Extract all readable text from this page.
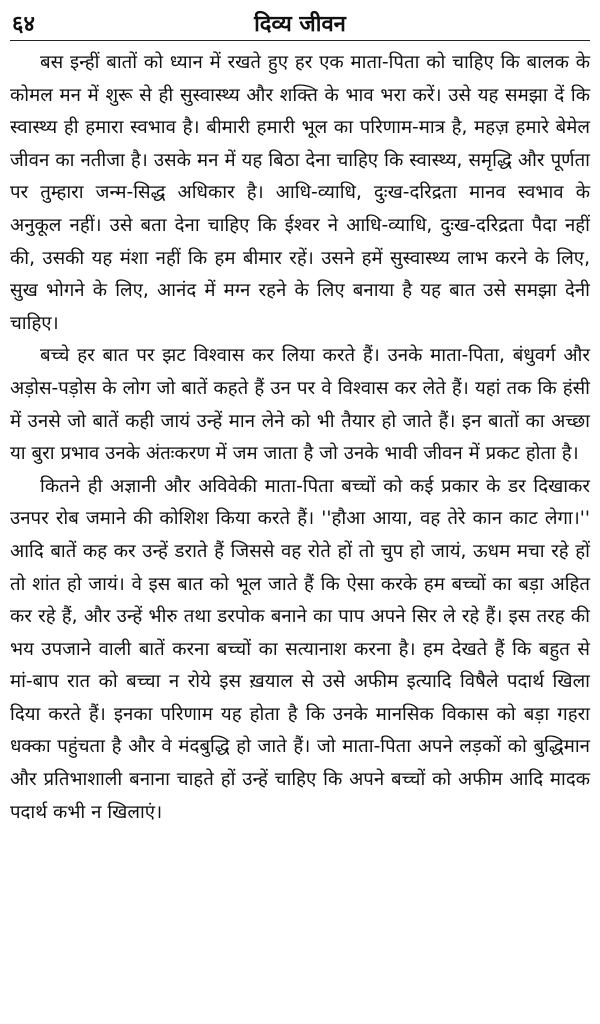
६४	दिव्य जीवन

बस इन्हीं बातों को ध्यान में रखते हुए हर एक माता-पिता को चाहिए कि बालक के कोमल मन में शुरू से ही सुस्वास्थ्य और शक्ति के भाव भरा करें। उसे यह समझा दें कि स्वास्थ्य ही हमारा स्वभाव है। बीमारी हमारी भूल का परिणाम-मात्र है, महज़ हमारे बेमेल जीवन का नतीजा है। उसके मन में यह बिठा देना चाहिए कि स्वास्थ्य, समृद्धि और पूर्णता पर तुम्हारा जन्म-सिद्ध अधिकार है। आधि-व्याधि, दुःख-दरिद्रता मानव स्वभाव के अनुकूल नहीं। उसे बता देना चाहिए कि ईश्वर ने आधि-व्याधि, दुःख-दरिद्रता पैदा नहीं की, उसकी यह मंशा नहीं कि हम बीमार रहें। उसने हमें सुस्वास्थ्य लाभ करने के लिए, सुख भोगने के लिए, आनंद में मग्न रहने के लिए बनाया है यह बात उसे समझा देनी चाहिए।

बच्चे हर बात पर झट विश्वास कर लिया करते हैं। उनके माता-पिता, बंधुवर्ग और अड़ोस-पड़ोस के लोग जो बातें कहते हैं उन पर वे विश्वास कर लेते हैं। यहां तक कि हंसी में उनसे जो बातें कही जायं उन्हें मान लेने को भी तैयार हो जाते हैं। इन बातों का अच्छा या बुरा प्रभाव उनके अंतःकरण में जम जाता है जो उनके भावी जीवन में प्रकट होता है।

कितने ही अज्ञानी और अविवेकी माता-पिता बच्चों को कई प्रकार के डर दिखाकर उनपर रोब जमाने की कोशिश किया करते हैं। ''हौआ आया, वह तेरे कान काट लेगा।'' आदि बातें कह कर उन्हें डराते हैं जिससे वह रोते हों तो चुप हो जायं, ऊधम मचा रहे हों तो शांत हो जायं। वे इस बात को भूल जाते हैं कि ऐसा करके हम बच्चों का बड़ा अहित कर रहे हैं, और उन्हें भीरु तथा डरपोक बनाने का पाप अपने सिर ले रहे हैं। इस तरह की भय उपजाने वाली बातें करना बच्चों का सत्यानाश करना है। हम देखते हैं कि बहुत से मां-बाप रात को बच्चा न रोये इस ख़याल से उसे अफीम इत्यादि विषैले पदार्थ खिला दिया करते हैं। इनका परिणाम यह होता है कि उनके मानसिक विकास को बड़ा गहरा धक्का पहुंचता है और वे मंदबुद्धि हो जाते हैं। जो माता-पिता अपने लड़कों को बुद्धिमान और प्रतिभाशाली बनाना चाहते हों उन्हें चाहिए कि अपने बच्चों को अफीम आदि मादक पदार्थ कभी न खिलाएं।
